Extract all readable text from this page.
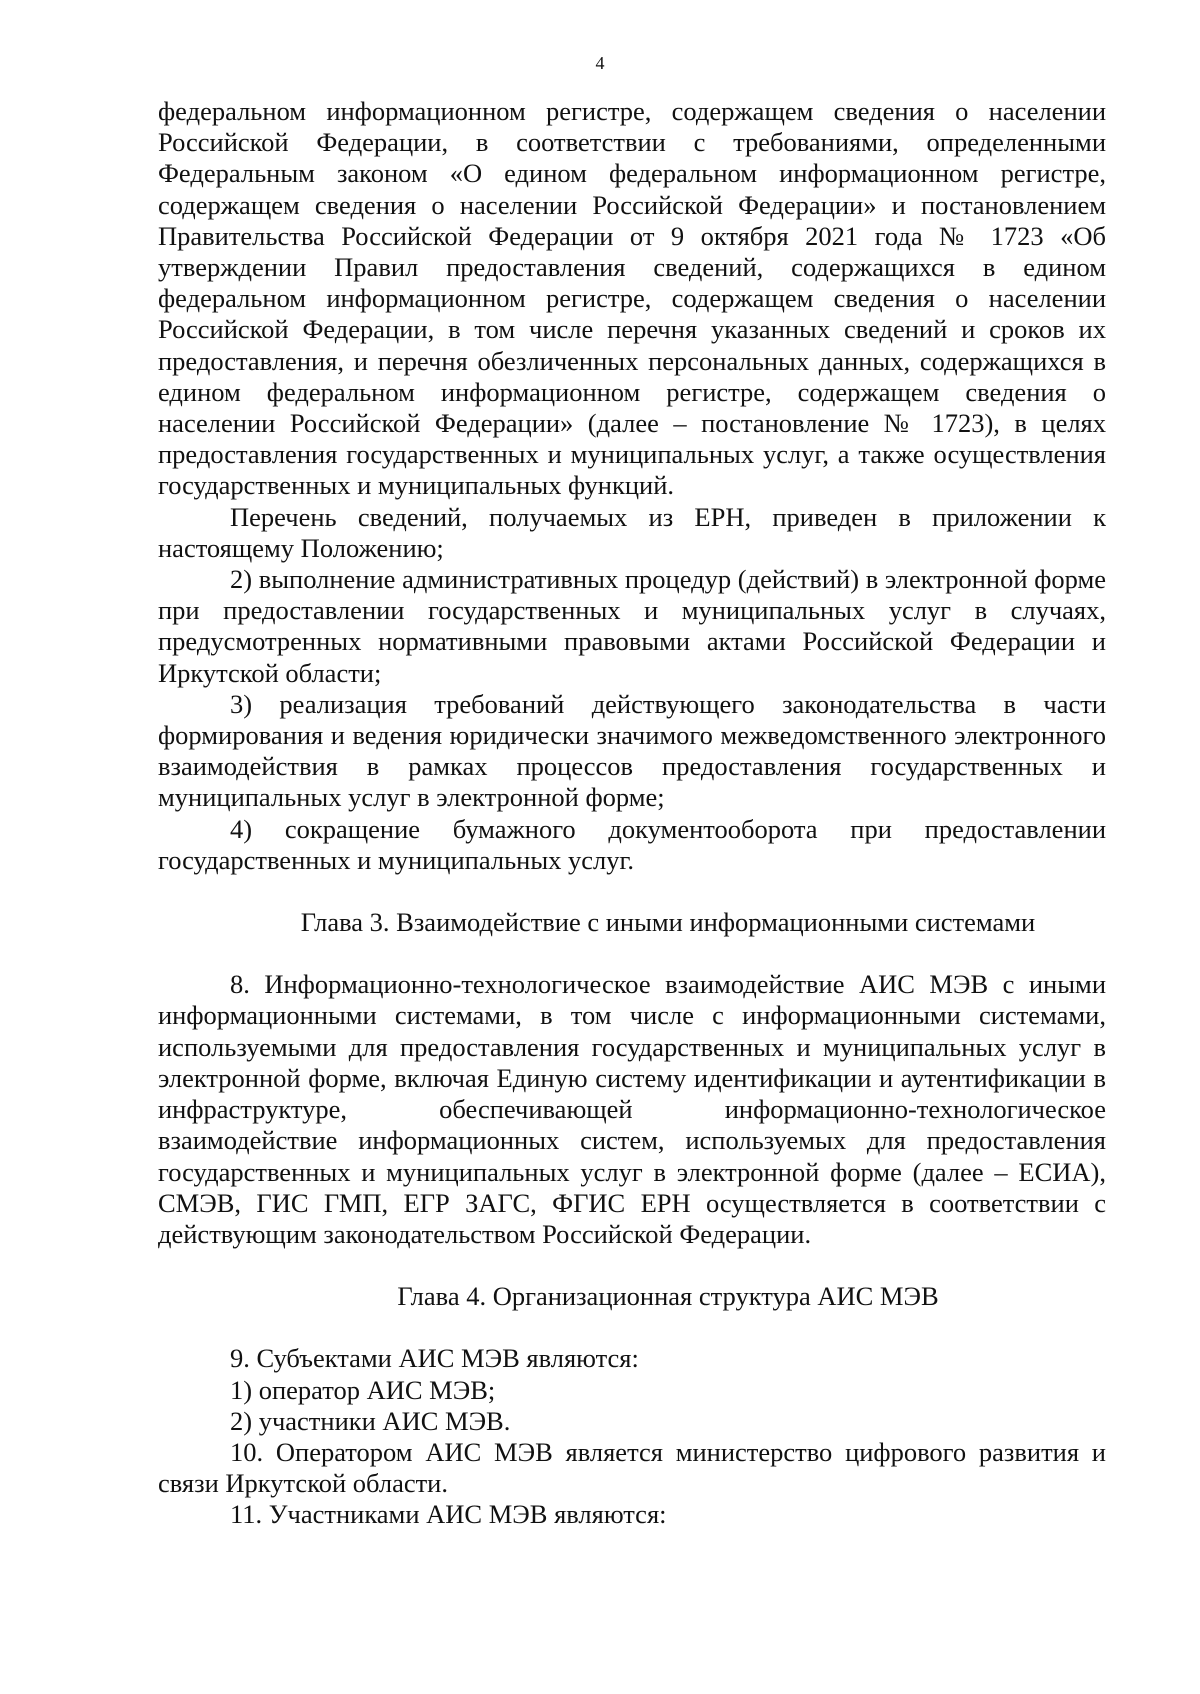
4

федеральном информационном регистре, содержащем сведения о населении Российской Федерации, в соответствии с требованиями, определенными Федеральным законом «О едином федеральном информационном регистре, содержащем сведения о населении Российской Федерации» и постановлением Правительства Российской Федерации от 9 октября 2021 года № 1723 «Об утверждении Правил предоставления сведений, содержащихся в едином федеральном информационном регистре, содержащем сведения о населении Российской Федерации, в том числе перечня указанных сведений и сроков их предоставления, и перечня обезличенных персональных данных, содержащихся в едином федеральном информационном регистре, содержащем сведения о населении Российской Федерации» (далее – постановление № 1723), в целях предоставления государственных и муниципальных услуг, а также осуществления государственных и муниципальных функций.

Перечень сведений, получаемых из ЕРН, приведен в приложении к настоящему Положению;

2) выполнение административных процедур (действий) в электронной форме при предоставлении государственных и муниципальных услуг в случаях, предусмотренных нормативными правовыми актами Российской Федерации и Иркутской области;

3) реализация требований действующего законодательства в части формирования и ведения юридически значимого межведомственного электронного взаимодействия в рамках процессов предоставления государственных и муниципальных услуг в электронной форме;

4) сокращение бумажного документооборота при предоставлении государственных и муниципальных услуг.

Глава 3. Взаимодействие с иными информационными системами

8. Информационно-технологическое взаимодействие АИС МЭВ с иными информационными системами, в том числе с информационными системами, используемыми для предоставления государственных и муниципальных услуг в электронной форме, включая Единую систему идентификации и аутентификации в инфраструктуре, обеспечивающей информационно-технологическое взаимодействие информационных систем, используемых для предоставления государственных и муниципальных услуг в электронной форме (далее – ЕСИА), СМЭВ, ГИС ГМП, ЕГР ЗАГС, ФГИС ЕРН осуществляется в соответствии с действующим законодательством Российской Федерации.

Глава 4. Организационная структура АИС МЭВ

9. Субъектами АИС МЭВ являются:

1) оператор АИС МЭВ;

2) участники АИС МЭВ.

10. Оператором АИС МЭВ является министерство цифрового развития и связи Иркутской области.

11. Участниками АИС МЭВ являются:
